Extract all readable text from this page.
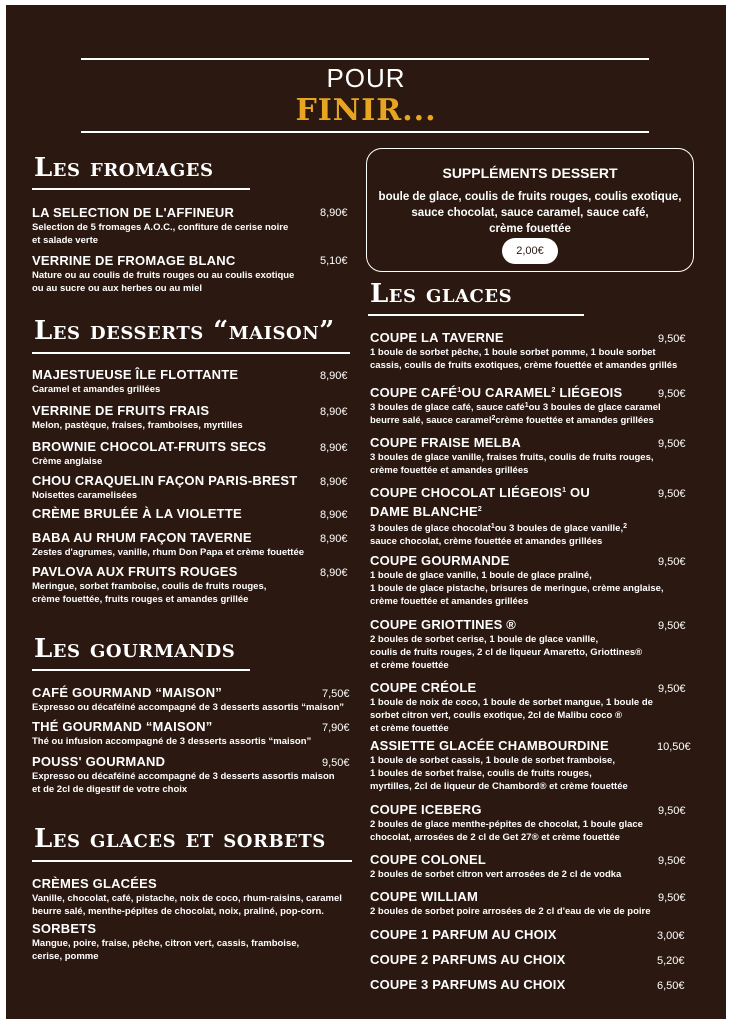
POUR
FINIR...
Les fromages
LA SELECTION DE L'AFFINEUR
Selection de 5 fromages A.O.C., confiture de cerise noire
et salade verte
8,90€
VERRINE DE FROMAGE BLANC
Nature ou au coulis de fruits rouges ou au coulis exotique
ou au sucre ou aux herbes ou au miel
5,10€
Les desserts “maison”
MAJESTUEUSE ÎLE FLOTTANTE
Caramel et amandes grillées
8,90€
VERRINE DE FRUITS FRAIS
Melon, pastèque, fraises, framboises, myrtilles
8,90€
BROWNIE CHOCOLAT-FRUITS SECS
Crème anglaise
8,90€
CHOU CRAQUELIN FAÇON PARIS-BREST
Noisettes caramelisées
8,90€
CRÈME BRULÉE À LA VIOLETTE	8,90€
BABA AU RHUM FAÇON TAVERNE
Zestes d'agrumes, vanille, rhum Don Papa et crème fouettée
8,90€
PAVLOVA AUX FRUITS ROUGES
Meringue, sorbet framboise, coulis de fruits rouges,
crème fouettée, fruits rouges et amandes grillée
8,90€
Les gourmands
CAFÉ GOURMAND “MAISON”
Expresso ou décaféiné accompagné de 3 desserts assortis “maison”
7,50€
THÉ GOURMAND “MAISON”
Thé ou infusion accompagné de 3 desserts assortis “maison”
7,90€
POUSS' GOURMAND
Expresso ou décaféiné accompagné de 3 desserts assortis maison
et de 2cl de digestif de votre choix
9,50€
Les glaces et sorbets
CRÈMES GLACÉES
Vanille, chocolat, café, pistache, noix de coco, rhum-raisins, caramel
beurre salé, menthe-pépites de chocolat, noix, praliné, pop-corn.
SORBETS
Mangue, poire, fraise, pêche, citron vert, cassis, framboise,
cerise, pomme
SUPPLÉMENTS DESSERT
boule de glace, coulis de fruits rouges, coulis exotique,
sauce chocolat, sauce caramel, sauce café,
crème fouettée
2,00€
Les glaces
COUPE LA TAVERNE
1 boule de sorbet pêche, 1 boule sorbet pomme, 1 boule sorbet
cassis, coulis de fruits exotiques, crème fouettée et amandes grillés
9,50€
COUPE CAFÉ$^1$OU CARAMEL$^2$ LIÉGEOIS
3 boules de glace café, sauce café$^1$ou 3 boules de glace caramel
beurre salé, sauce caramel$^2$crème fouettée et amandes grillées
9,50€
COUPE FRAISE MELBA
3 boules de glace vanille, fraises fruits, coulis de fruits rouges,
crème fouettée et amandes grillées
9,50€
COUPE CHOCOLAT LIÉGEOIS$^1$ OU
DAME BLANCHE$^2$
3 boules de glace chocolat$^1$ou 3 boules de glace vanille,$^2$
sauce chocolat, crème fouettée et amandes grillées
9,50€
COUPE GOURMANDE
1 boule de glace vanille, 1 boule de glace praliné,
1 boule de glace pistache, brisures de meringue, crème anglaise,
crème fouettée et amandes grillées
9,50€
COUPE GRIOTTINES ®
2 boules de sorbet cerise, 1 boule de glace vanille,
coulis de fruits rouges, 2 cl de liqueur Amaretto, Griottines®
et crème fouettée
9,50€
COUPE CRÉOLE
1 boule de noix de coco, 1 boule de sorbet mangue, 1 boule de
sorbet citron vert, coulis exotique, 2cl de Malibu coco ®
et crème fouettée
9,50€
ASSIETTE GLACÉE CHAMBOURDINE
1 boule de sorbet cassis, 1 boule de sorbet framboise,
1 boules de sorbet fraise, coulis de fruits rouges,
myrtilles, 2cl de liqueur de Chambord® et crème fouettée
10,50€
COUPE ICEBERG
2 boules de glace menthe-pépites de chocolat, 1 boule glace
chocolat, arrosées de 2 cl de Get 27® et crème fouettée
9,50€
COUPE COLONEL
2 boules de sorbet citron vert arrosées de 2 cl de vodka
9,50€
COUPE WILLIAM
2 boules de sorbet poire arrosées de 2 cl d'eau de vie de poire
9,50€
COUPE 1 PARFUM AU CHOIX	3,00€
COUPE 2 PARFUMS AU CHOIX	5,20€
COUPE 3 PARFUMS AU CHOIX	6,50€
